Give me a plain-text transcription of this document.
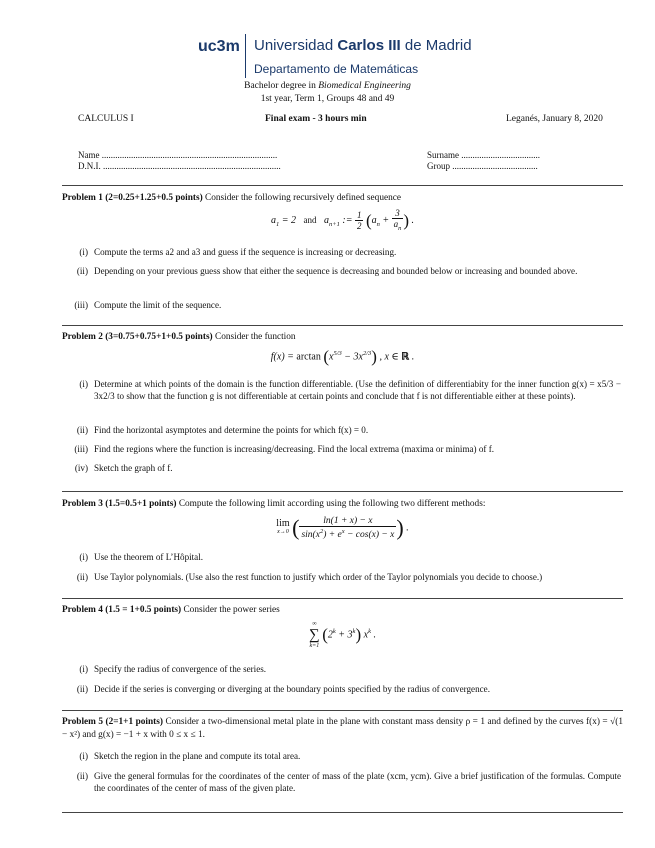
uc3m Universidad Carlos III de Madrid
Departamento de Matemáticas
Bachelor degree in Biomedical Engineering
1st year, Term 1, Groups 48 and 49
CALCULUS I	Final exam - 3 hours min	Leganés, January 8, 2020
Name ..............................................................................	Surname ...................................
D.N.I. ...............................................................................	Group ......................................
Problem 1 (2=0.25+1.25+0.5 points) Consider the following recursively defined sequence
$a_1 = 2$   and   $a_{n+1}$ := $\frac{1}{2} (a_n + \frac{3}{a_n}$ ) .
(i) Compute the terms a2 and a3 and guess if the sequence is increasing or decreasing.
(ii) Depending on your previous guess show that either the sequence is decreasing and bounded below or increasing and bounded above.
(iii) Compute the limit of the sequence.
Problem 2 (3=0.75+0.75+1+0.5 points) Consider the function
$f(x) = \arctan (x^{5/3} - 3x^{2/3})$ , x ∈ ℝ .
(i) Determine at which points of the domain is the function differentiable. (Use the definition of differentiabity for the inner function g(x) = x5/3 − 3x2/3 to show that the function g is not differentiable at certain points and conclude that f is not differentiable either at these points).
(ii) Find the horizontal asymptotes and determine the points for which f(x) = 0.
(iii) Find the regions where the function is increasing/decreasing. Find the local extrema (maxima or minima) of f.
(iv) Sketch the graph of f.
Problem 3 (1.5=0.5+1 points) Compute the following limit according using the following two different methods:
lim
x→0 ( $\frac{\ln(1 + x) - x}{\sin(x^2) + e^x - \cos(x) - x}$ ) .
(i) Use the theorem of L’Hôpital.
(ii) Use Taylor polynomials. (Use also the rest function to justify which order of the Taylor polynomials you decide to choose.)
Problem 4 (1.5 = 1+0.5 points) Consider the power series
∞
∑
k=1
$(2^k + 3^k)$ $x^k$ .
(i) Specify the radius of convergence of the series.
(ii) Decide if the series is converging or diverging at the boundary points specified by the radius of convergence.
Problem 5 (2=1+1 points) Consider a two-dimensional metal plate in the plane with constant mass density ρ = 1 and defined by the curves f(x) = √(1 − x²) and g(x) = −1 + x with 0 ≤ x ≤ 1.
(i) Sketch the region in the plane and compute its total area.
(ii) Give the general formulas for the coordinates of the center of mass of the plate (xcm, ycm). Give a brief justification of the formulas. Compute the coordinates of the center of mass of the given plate.
